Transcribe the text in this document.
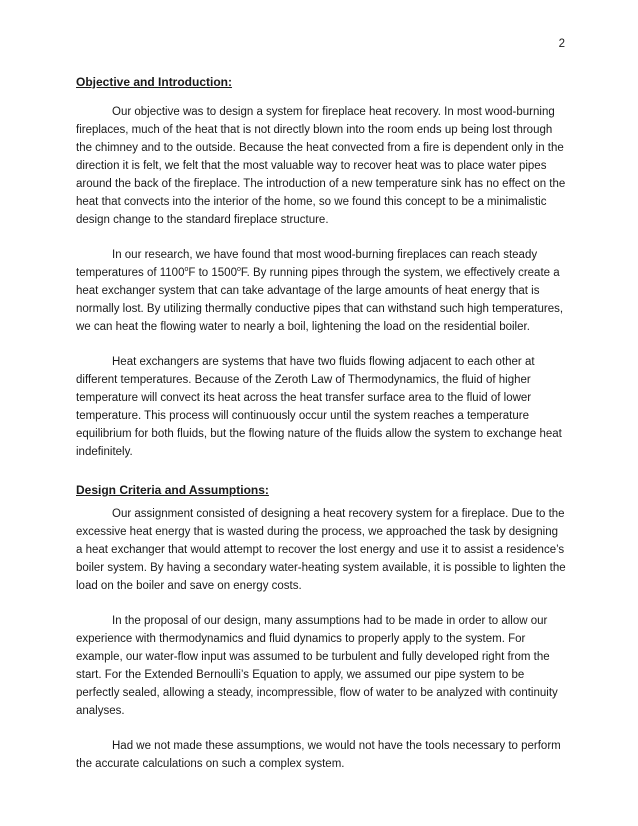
2
Objective and Introduction:

Our objective was to design a system for fireplace heat recovery. In most wood-burning fireplaces, much of the heat that is not directly blown into the room ends up being lost through the chimney and to the outside. Because the heat convected from a fire is dependent only in the direction it is felt, we felt that the most valuable way to recover heat was to place water pipes around the back of the fireplace. The introduction of a new temperature sink has no effect on the heat that convects into the interior of the home, so we found this concept to be a minimalistic design change to the standard fireplace structure.

In our research, we have found that most wood-burning fireplaces can reach steady temperatures of 1100$^o$F to 1500$^o$F. By running pipes through the system, we effectively create a heat exchanger system that can take advantage of the large amounts of heat energy that is normally lost. By utilizing thermally conductive pipes that can withstand such high temperatures, we can heat the flowing water to nearly a boil, lightening the load on the residential boiler.

Heat exchangers are systems that have two fluids flowing adjacent to each other at different temperatures. Because of the Zeroth Law of Thermodynamics, the fluid of higher temperature will convect its heat across the heat transfer surface area to the fluid of lower temperature. This process will continuously occur until the system reaches a temperature equilibrium for both fluids, but the flowing nature of the fluids allow the system to exchange heat indefinitely.

Design Criteria and Assumptions:

Our assignment consisted of designing a heat recovery system for a fireplace. Due to the excessive heat energy that is wasted during the process, we approached the task by designing a heat exchanger that would attempt to recover the lost energy and use it to assist a residence’s boiler system. By having a secondary water-heating system available, it is possible to lighten the load on the boiler and save on energy costs.

In the proposal of our design, many assumptions had to be made in order to allow our experience with thermodynamics and fluid dynamics to properly apply to the system. For example, our water-flow input was assumed to be turbulent and fully developed right from the start. For the Extended Bernoulli’s Equation to apply, we assumed our pipe system to be perfectly sealed, allowing a steady, incompressible, flow of water to be analyzed with continuity analyses.

Had we not made these assumptions, we would not have the tools necessary to perform the accurate calculations on such a complex system.
